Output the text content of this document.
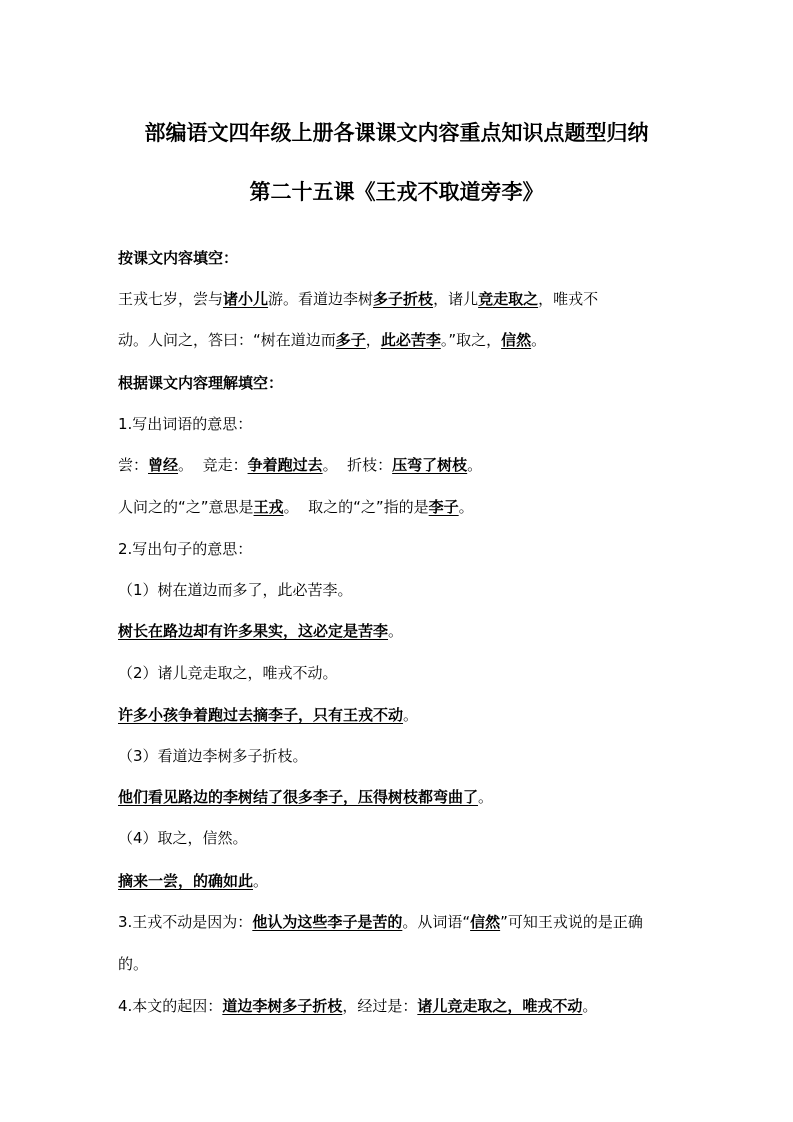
部编语文四年级上册各课课文内容重点知识点题型归纳
第二十五课《王戎不取道旁李》
按课文内容填空：
王戎七岁，尝与诸小儿游。看道边李树多子折枝，诸儿竞走取之，唯戎不
动。人问之，答曰：“树在道边而多子，此必苦李。”取之，信然。
根据课文内容理解填空：
1.写出词语的意思：
尝：曾经。  竞走：争着跑过去。  折枝：压弯了树枝。
人问之的“之”意思是王戎。  取之的“之”指的是李子。
2.写出句子的意思：
（1）树在道边而多了，此必苦李。
树长在路边却有许多果实，这必定是苦李。
（2）诸儿竞走取之，唯戎不动。
许多小孩争着跑过去摘李子，只有王戎不动。
（3）看道边李树多子折枝。
他们看见路边的李树结了很多李子，压得树枝都弯曲了。
（4）取之，信然。
摘来一尝，的确如此。
3.王戎不动是因为：他认为这些李子是苦的。从词语“信然”可知王戎说的是正确
的。
4.本文的起因：道边李树多子折枝，经过是：诸儿竞走取之，唯戎不动。
